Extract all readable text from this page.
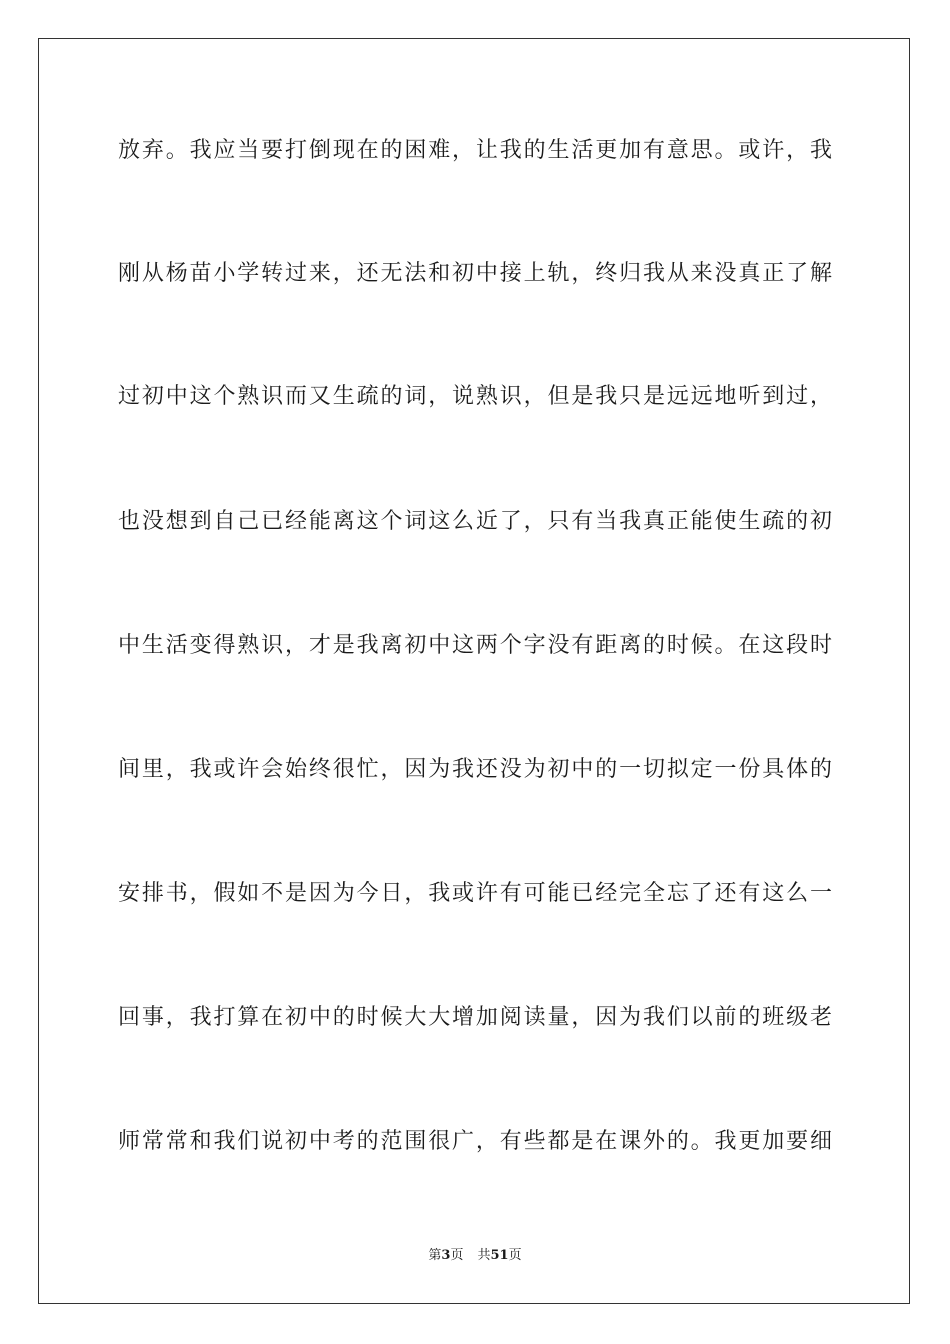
放弃。我应当要打倒现在的困难，让我的生活更加有意思。或许，我
刚从杨苗小学转过来，还无法和初中接上轨，终归我从来没真正了解
过初中这个熟识而又生疏的词，说熟识，但是我只是远远地听到过，
也没想到自己已经能离这个词这么近了，只有当我真正能使生疏的初
中生活变得熟识，才是我离初中这两个字没有距离的时候。在这段时
间里，我或许会始终很忙，因为我还没为初中的一切拟定一份具体的
安排书，假如不是因为今日，我或许有可能已经完全忘了还有这么一
回事，我打算在初中的时候大大增加阅读量，因为我们以前的班级老
师常常和我们说初中考的范围很广，有些都是在课外的。我更加要细
第3页 共51页
